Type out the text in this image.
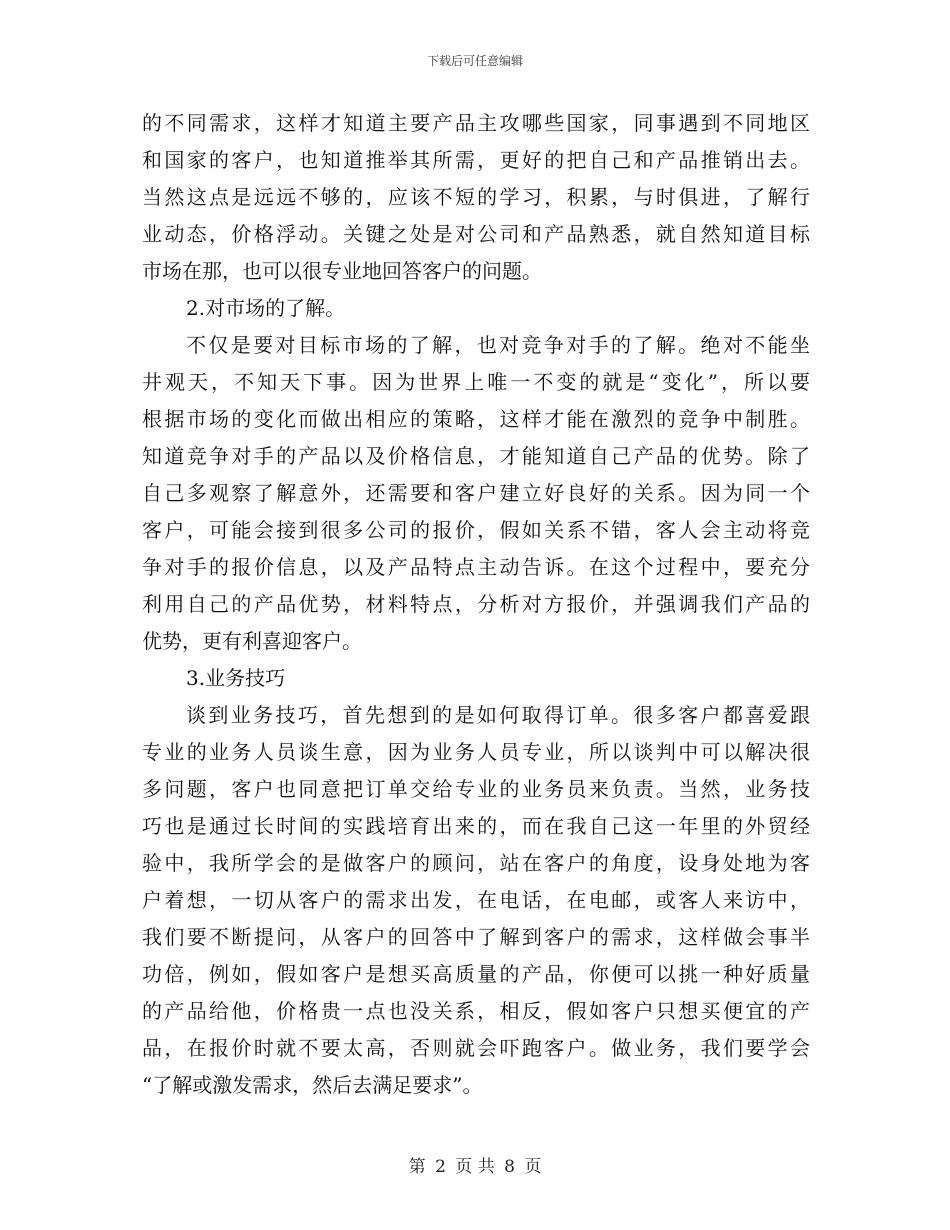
下载后可任意编辑
的不同需求，这样才知道主要产品主攻哪些国家，同事遇到不同地区
和国家的客户，也知道推举其所需，更好的把自己和产品推销出去。
当然这点是远远不够的，应该不短的学习，积累，与时俱进，了解行
业动态，价格浮动。关键之处是对公司和产品熟悉，就自然知道目标
市场在那，也可以很专业地回答客户的问题。
2.对市场的了解。
不仅是要对目标市场的了解，也对竞争对手的了解。绝对不能坐
井观天，不知天下事。因为世界上唯一不变的就是“变化”，所以要
根据市场的变化而做出相应的策略，这样才能在激烈的竞争中制胜。
知道竞争对手的产品以及价格信息，才能知道自己产品的优势。除了
自己多观察了解意外，还需要和客户建立好良好的关系。因为同一个
客户，可能会接到很多公司的报价，假如关系不错，客人会主动将竞
争对手的报价信息，以及产品特点主动告诉。在这个过程中，要充分
利用自己的产品优势，材料特点，分析对方报价，并强调我们产品的
优势，更有利喜迎客户。
3.业务技巧
谈到业务技巧，首先想到的是如何取得订单。很多客户都喜爱跟
专业的业务人员谈生意，因为业务人员专业，所以谈判中可以解决很
多问题，客户也同意把订单交给专业的业务员来负责。当然，业务技
巧也是通过长时间的实践培育出来的，而在我自己这一年里的外贸经
验中，我所学会的是做客户的顾问，站在客户的角度，设身处地为客
户着想，一切从客户的需求出发，在电话，在电邮，或客人来访中，
我们要不断提问，从客户的回答中了解到客户的需求，这样做会事半
功倍，例如，假如客户是想买高质量的产品，你便可以挑一种好质量
的产品给他，价格贵一点也没关系，相反，假如客户只想买便宜的产
品，在报价时就不要太高，否则就会吓跑客户。做业务，我们要学会
“了解或激发需求，然后去满足要求”。
第 2 页 共 8 页
